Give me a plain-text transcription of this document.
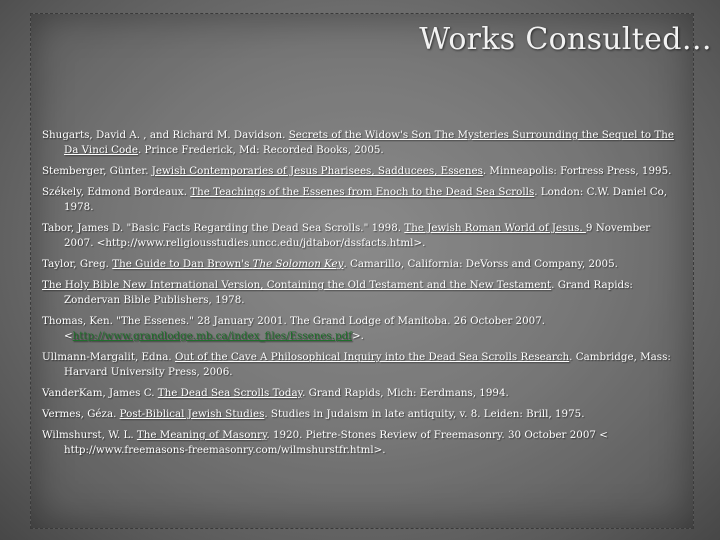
Works Consulted…

Shugarts, David A. , and Richard M. Davidson. Secrets of the Widow's Son The Mysteries Surrounding the Sequel to The Da Vinci Code. Prince Frederick, Md: Recorded Books, 2005.

Stemberger, Günter. Jewish Contemporaries of Jesus Pharisees, Sadducees, Essenes. Minneapolis: Fortress Press, 1995.

Székely, Edmond Bordeaux. The Teachings of the Essenes from Enoch to the Dead Sea Scrolls. London: C.W. Daniel Co, 1978.

Tabor, James D. "Basic Facts Regarding the Dead Sea Scrolls." 1998. The Jewish Roman World of Jesus. 9 November 2007. <http://www.religiousstudies.uncc.edu/jdtabor/dssfacts.html>.

Taylor, Greg. The Guide to Dan Brown's The Solomon Key. Camarillo, California: DeVorss and Company, 2005.

The Holy Bible New International Version, Containing the Old Testament and the New Testament. Grand Rapids: Zondervan Bible Publishers, 1978.

Thomas, Ken. "The Essenes." 28 January 2001. The Grand Lodge of Manitoba. 26 October 2007. <http://www.grandlodge.mb.ca/index_files/Essenes.pdf>.

Ullmann-Margalit, Edna. Out of the Cave A Philosophical Inquiry into the Dead Sea Scrolls Research. Cambridge, Mass: Harvard University Press, 2006.

VanderKam, James C. The Dead Sea Scrolls Today. Grand Rapids, Mich: Eerdmans, 1994.

Vermes, Géza. Post-Biblical Jewish Studies. Studies in Judaism in late antiquity, v. 8. Leiden: Brill, 1975.

Wilmshurst, W. L. The Meaning of Masonry. 1920. Pietre-Stones Review of Freemasonry. 30 October 2007 < http://www.freemasons-freemasonry.com/wilmshurstfr.html>.
